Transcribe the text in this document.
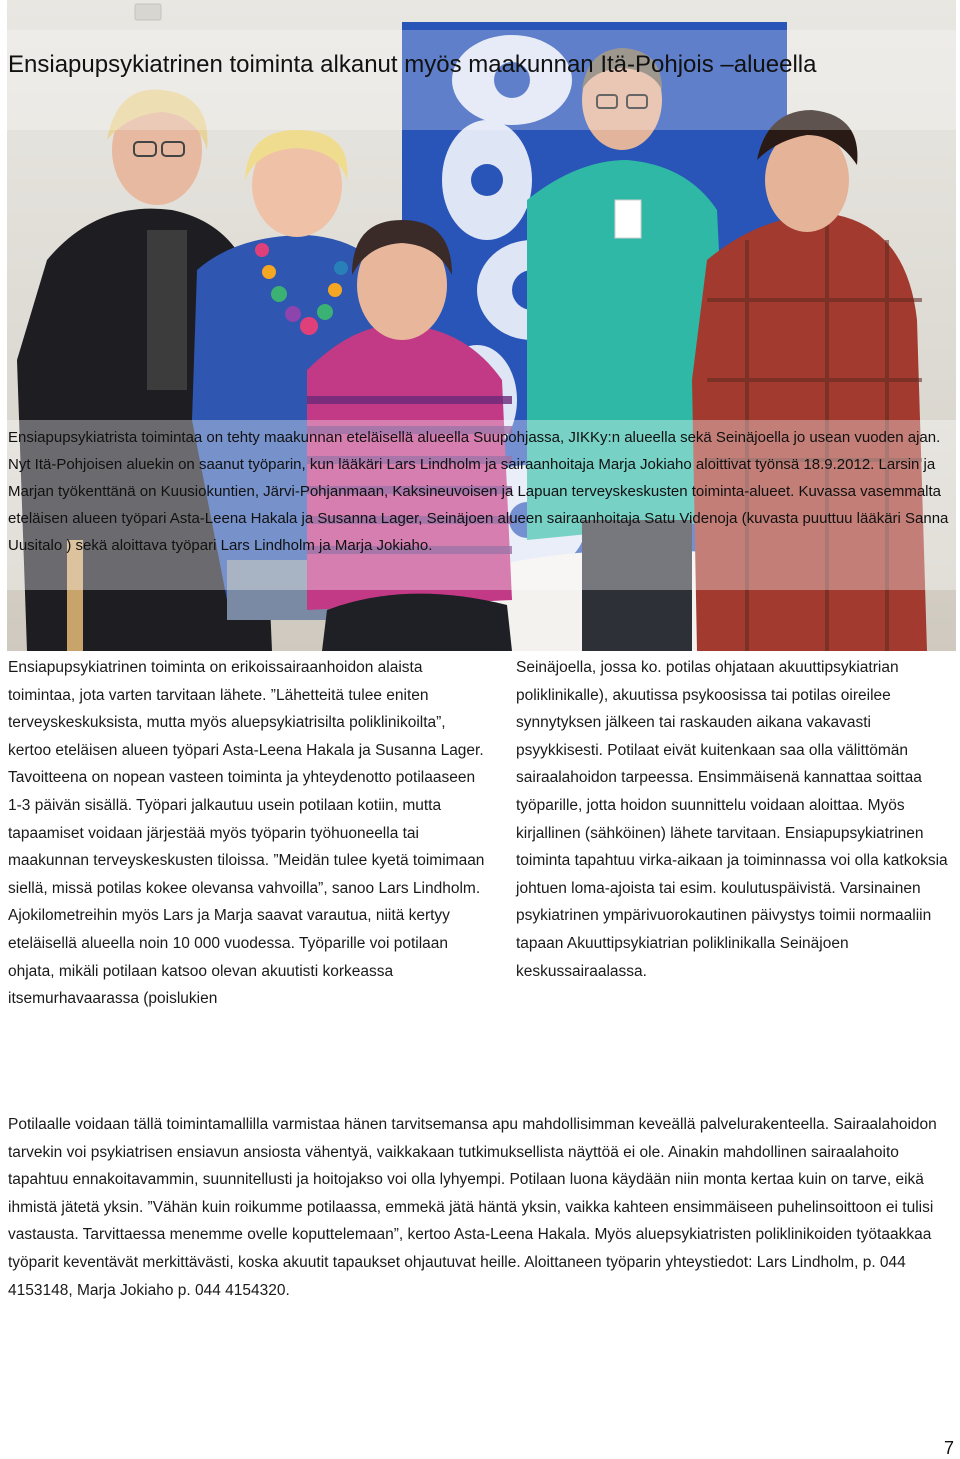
Ensiapupsykiatrinen toiminta alkanut myös maakunnan Itä-Pohjois –alueella

Ensiapupsykiatrista toimintaa on tehty maakunnan eteläisellä alueella Suupohjassa, JIKKy:n alueella sekä Seinäjoella jo usean vuoden ajan. Nyt Itä-Pohjoisen aluekin on saanut työparin, kun lääkäri Lars Lindholm ja sairaanhoitaja Marja Jokiaho aloittivat työnsä 18.9.2012. Larsin ja Marjan työkenttänä on Kuusiokuntien, Järvi-Pohjanmaan, Kaksineuvoisen ja Lapuan terveyskeskusten toiminta-alueet. Kuvassa vasemmalta eteläisen alueen työpari Asta-Leena Hakala ja Susanna Lager, Seinäjoen alueen sairaanhoitaja Satu Videnoja (kuvasta puuttuu lääkäri Sanna Uusitalo ) sekä aloittava työpari Lars Lindholm ja Marja Jokiaho.

Ensiapupsykiatrinen toiminta on erikoissairaanhoidon alaista toimintaa, jota varten tarvitaan lähete. ”Lähetteitä tulee eniten terveyskeskuksista, mutta myös aluepsykiatrisilta poliklinikoilta”, kertoo eteläisen alueen työpari Asta-Leena Hakala ja Susanna Lager. Tavoitteena on nopean vasteen toiminta ja yhteydenotto potilaaseen 1-3 päivän sisällä. Työpari jalkautuu usein potilaan kotiin, mutta tapaamiset voidaan järjestää myös työparin työhuoneella tai maakunnan terveyskeskusten tiloissa. ”Meidän tulee kyetä toimimaan siellä, missä potilas kokee olevansa vahvoilla”, sanoo Lars Lindholm. Ajokilometreihin myös Lars ja Marja saavat varautua, niitä kertyy eteläisellä alueella noin 10 000 vuodessa. Työparille voi potilaan ohjata, mikäli potilaan katsoo olevan akuutisti korkeassa itsemurhavaarassa (poislukien

Seinäjoella, jossa ko. potilas ohjataan akuuttipsykiatrian poliklinikalle), akuutissa psykoosissa tai potilas oireilee synnytyksen jälkeen tai raskauden aikana vakavasti psyykkisesti. Potilaat eivät kuitenkaan saa olla välittömän sairaalahoidon tarpeessa. Ensimmäisenä kannattaa soittaa työparille, jotta hoidon suunnittelu voidaan aloittaa. Myös kirjallinen (sähköinen) lähete tarvitaan. Ensiapupsykiatrinen toiminta tapahtuu virka-aikaan ja toiminnassa voi olla katkoksia johtuen loma-ajoista tai esim. koulutuspäivistä. Varsinainen psykiatrinen ympärivuorokautinen päivystys toimii normaaliin tapaan Akuuttipsykiatrian poliklinikalla Seinäjoen keskussairaalassa.

Potilaalle voidaan tällä toimintamallilla varmistaa hänen tarvitsemansa apu mahdollisimman keveällä palvelurakenteella. Sairaalahoidon tarvekin voi psykiatrisen ensiavun ansiosta vähentyä, vaikkakaan tutkimuksellista näyttöä ei ole. Ainakin mahdollinen sairaalahoito tapahtuu ennakoitavammin, suunnitellusti ja hoitojakso voi olla lyhyempi. Potilaan luona käydään niin monta kertaa kuin on tarve, eikä ihmistä jätetä yksin. ”Vähän kuin roikumme potilaassa, emmekä jätä häntä yksin, vaikka kahteen ensimmäiseen puhelinsoittoon ei tulisi vastausta. Tarvittaessa menemme ovelle koputtelemaan”, kertoo Asta-Leena Hakala. Myös aluepsykiatristen poliklinikoiden työtaakkaa työparit keventävät merkittävästi, koska akuutit tapaukset ohjautuvat heille. Aloittaneen työparin yhteystiedot: Lars Lindholm, p. 044 4153148, Marja Jokiaho p. 044 4154320.

7
